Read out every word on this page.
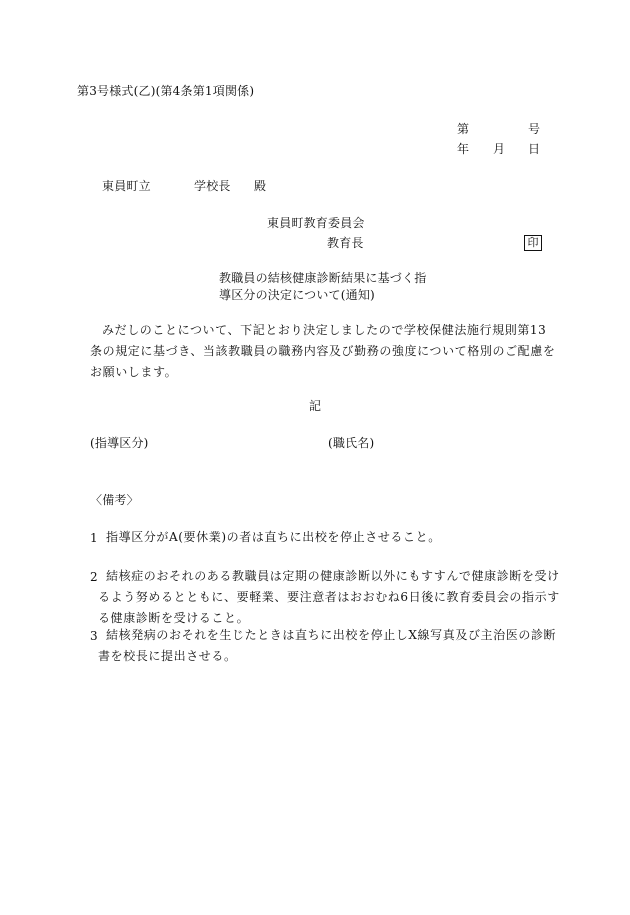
第3号様式(乙)(第4条第1項関係)
第	号
年 月 日
東員町立	学校長 殿
東員町教育委員会
教育長	印
教職員の結核健康診断結果に基づく指
導区分の決定について(通知)
みだしのことについて、下記とおり決定しましたので学校保健法施行規則第13条の規定に基づき、当該教職員の職務内容及び勤務の強度について格別のご配慮をお願いします。
記
(指導区分)	(職氏名)
〈備考〉
1 指導区分がA(要休業)の者は直ちに出校を停止させること。
2 結核症のおそれのある教職員は定期の健康診断以外にもすすんで健康診断を受けるよう努めるとともに、要軽業、要注意者はおおむね6日後に教育委員会の指示する健康診断を受けること。
3 結核発病のおそれを生じたときは直ちに出校を停止しX線写真及び主治医の診断書を校長に提出させる。
